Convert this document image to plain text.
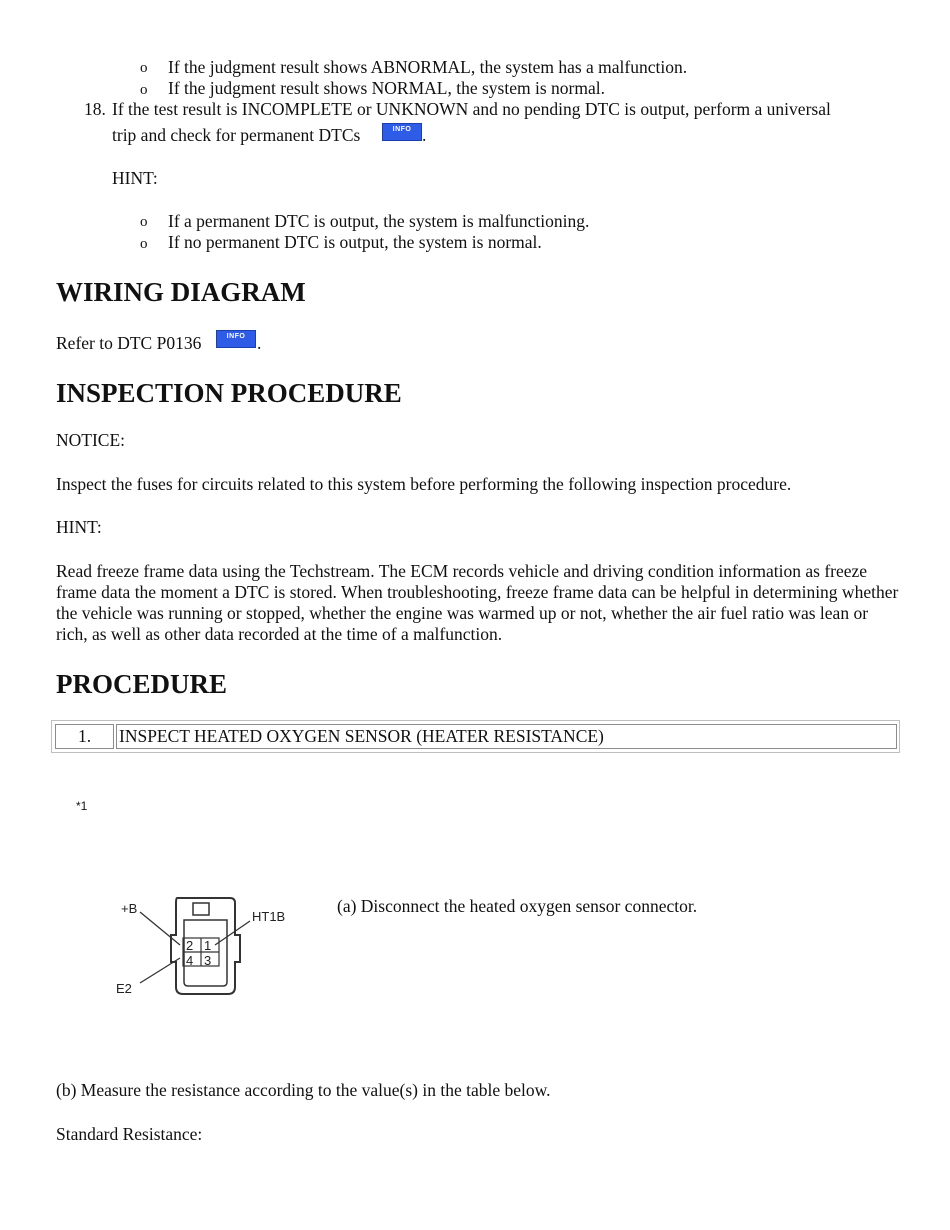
o If the judgment result shows ABNORMAL, the system has a malfunction.
o If the judgment result shows NORMAL, the system is normal.
18. If the test result is INCOMPLETE or UNKNOWN and no pending DTC is output, perform a universal
trip and check for permanent DTCs	INFO .
HINT:
o If a permanent DTC is output, the system is malfunctioning.
o If no permanent DTC is output, the system is normal.
WIRING DIAGRAM
Refer to DTC P0136	INFO .
INSPECTION PROCEDURE
NOTICE:
Inspect the fuses for circuits related to this system before performing the following inspection procedure.
HINT:
Read freeze frame data using the Techstream. The ECM records vehicle and driving condition information as freeze frame data the moment a DTC is stored. When troubleshooting, freeze frame data can be helpful in determining whether the vehicle was running or stopped, whether the engine was warmed up or not, whether the air fuel ratio was lean or rich, as well as other data recorded at the time of a malfunction.
PROCEDURE
1.	INSPECT HEATED OXYGEN SENSOR (HEATER RESISTANCE)
*1
2 1
4 3
+B
HT1B
E2
(a) Disconnect the heated oxygen sensor connector.
(b) Measure the resistance according to the value(s) in the table below.
Standard Resistance:
